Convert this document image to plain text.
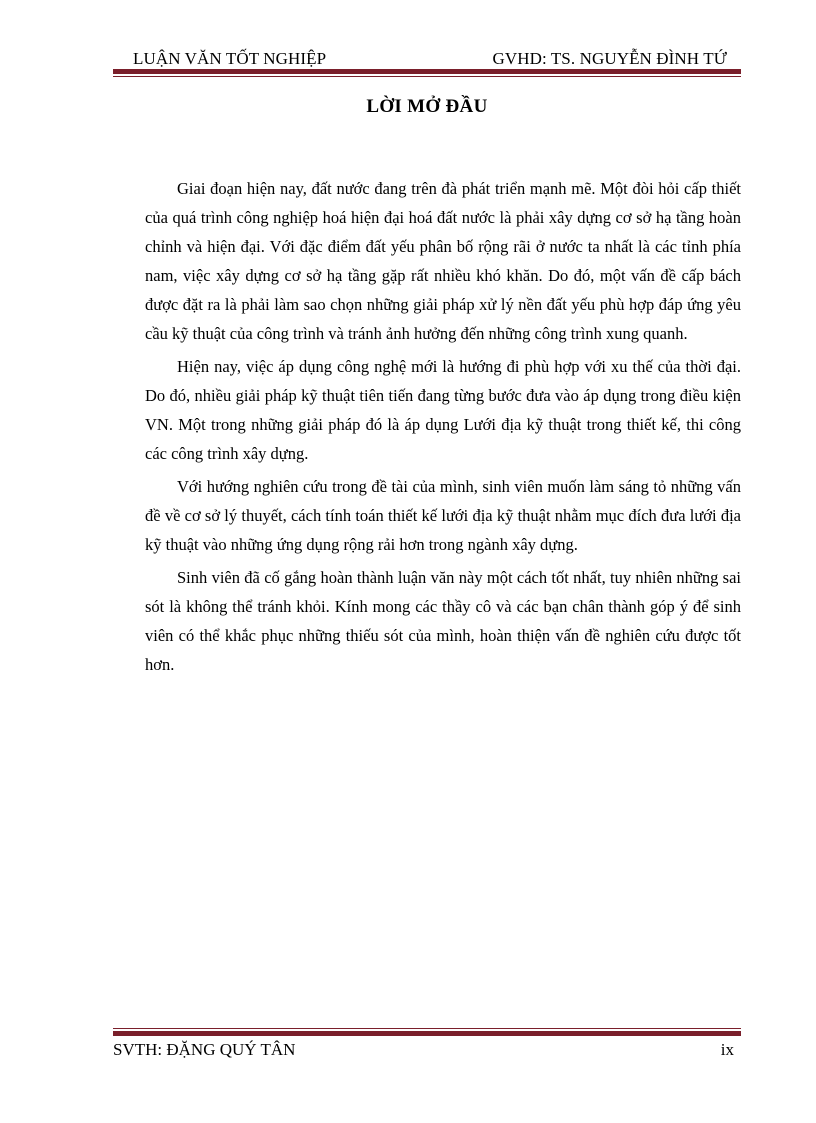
LUẬN VĂN TỐT NGHIỆP	GVHD: TS. NGUYỄN ĐÌNH TỨ
LỜI MỞ ĐẦU

Giai đoạn hiện nay, đất nước đang trên đà phát triển mạnh mẽ. Một đòi hỏi cấp thiết của quá trình công nghiệp hoá hiện đại hoá đất nước là phải xây dựng cơ sở hạ tầng hoàn chỉnh và hiện đại. Với đặc điểm đất yếu phân bố rộng rãi ở nước ta nhất là các tỉnh phía nam, việc xây dựng cơ sở hạ tầng gặp rất nhiều khó khăn. Do đó, một vấn đề cấp bách được đặt ra là phải làm sao chọn những giải pháp xử lý nền đất yếu phù hợp đáp ứng yêu cầu kỹ thuật của công trình và tránh ảnh hưởng đến những công trình xung quanh.

Hiện nay, việc áp dụng công nghệ mới là hướng đi phù hợp với xu thế của thời đại. Do đó, nhiều giải pháp kỹ thuật tiên tiến đang từng bước đưa vào áp dụng trong điều kiện VN. Một trong những giải pháp đó là áp dụng Lưới địa kỹ thuật trong thiết kế, thi công các công trình xây dựng.

Với hướng nghiên cứu trong đề tài của mình, sinh viên muốn làm sáng tỏ những vấn đề về cơ sở lý thuyết, cách tính toán thiết kế lưới địa kỹ thuật nhằm mục đích đưa lưới địa kỹ thuật vào những ứng dụng rộng rải hơn trong ngành xây dựng.

Sinh viên đã cố gắng hoàn thành luận văn này một cách tốt nhất, tuy nhiên những sai sót là không thể tránh khỏi. Kính mong các thầy cô và các bạn chân thành góp ý để sinh viên có thể khắc phục những thiếu sót của mình, hoàn thiện vấn đề nghiên cứu được tốt hơn.

SVTH: ĐẶNG QUÝ TÂN	ix
